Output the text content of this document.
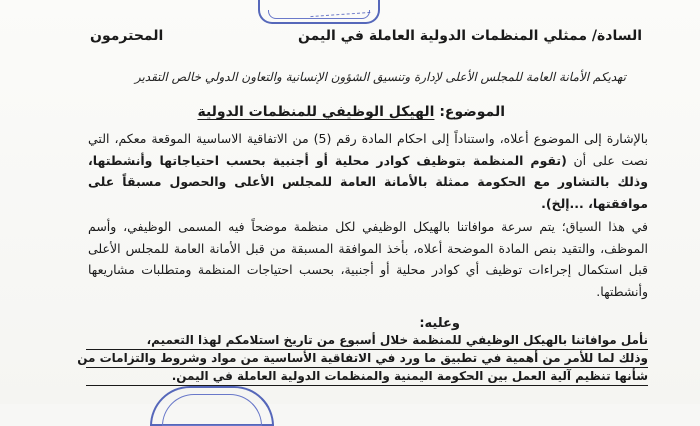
السادة/ ممثلي المنظمات الدولية العاملة في اليمن
المحترمون
تهديكم الأمانة العامة للمجلس الأعلى لإدارة وتنسيق الشؤون الإنسانية والتعاون الدولي خالص التقدير
الموضوع: الهيكل الوظيفي للمنظمات الدولية
بالإشارة إلى الموضوع أعلاه، واستناداً إلى احكام المادة رقم (5) من الاتفاقية الاساسية الموقعة معكم، التي نصت على أن (تقوم المنظمة بتوظيف كوادر محلية أو أجنبية بحسب احتياجاتها وأنشطتها، وذلك بالتشاور مع الحكومة ممثلة بالأمانة العامة للمجلس الأعلى والحصول مسبقاً على موافقتها، ...إلخ).
في هذا السياق؛ يتم سرعة موافاتنا بالهيكل الوظيفي لكل منظمة موضحاً فيه المسمى الوظيفي، وأسم الموظف، والتقيد بنص المادة الموضحة أعلاه، بأخذ الموافقة المسبقة من قبل الأمانة العامة للمجلس الأعلى قبل استكمال إجراءات توظيف أي كوادر محلية أو أجنبية، بحسب احتياجات المنظمة ومتطلبات مشاريعها وأنشطتها.
وعليه:
نأمل موافاتنا بالهيكل الوظيفي للمنظمة خلال أسبوع من تاريخ استلامكم لهذا التعميم،
وذلك لما للأمر من أهمية في تطبيق ما ورد في الاتفاقية الأساسية من مواد وشروط والتزامات من
شأنها تنظيم آلية العمل بين الحكومة اليمنية والمنظمات الدولية العاملة في اليمن.
